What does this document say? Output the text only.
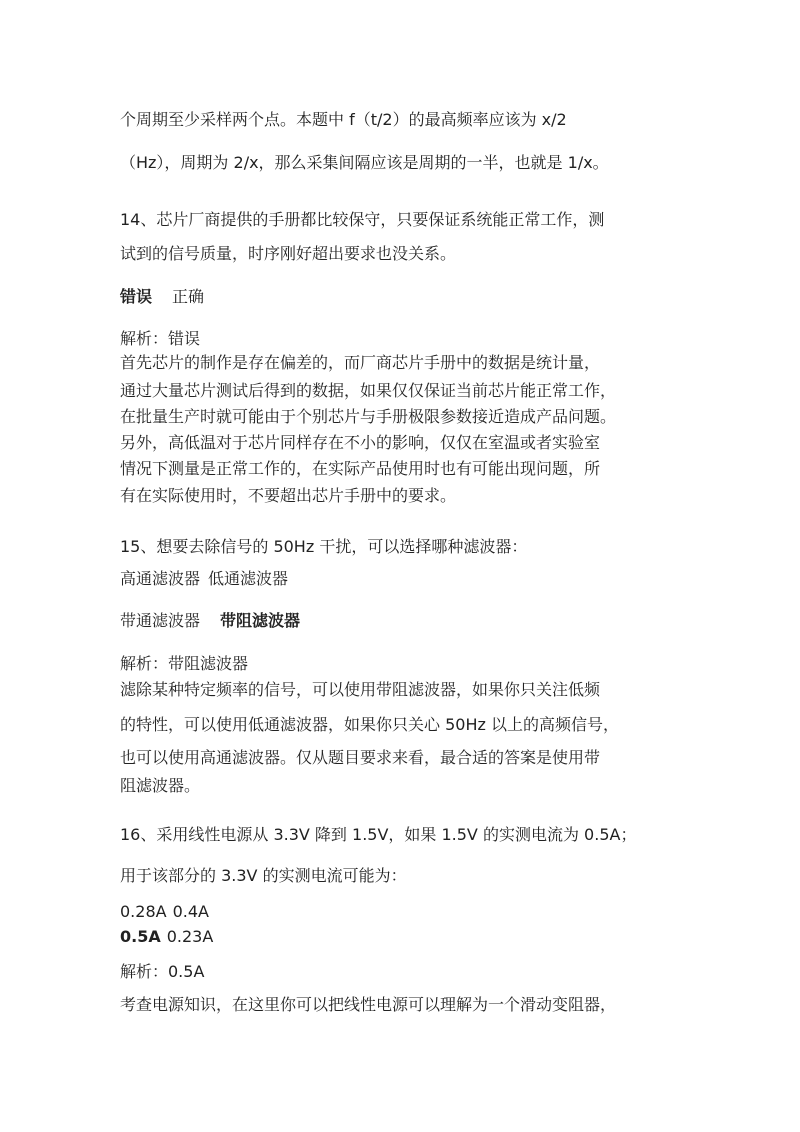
个周期至少采样两个点。本题中 f（t/2）的最高频率应该为 x/2
（Hz），周期为 2/x，那么采集间隔应该是周期的一半，也就是 1/x。
14、芯片厂商提供的手册都比较保守，只要保证系统能正常工作，测
试到的信号质量，时序刚好超出要求也没关系。
错误 正确
解析：错误
首先芯片的制作是存在偏差的，而厂商芯片手册中的数据是统计量，
通过大量芯片测试后得到的数据，如果仅仅保证当前芯片能正常工作，
在批量生产时就可能由于个别芯片与手册极限参数接近造成产品问题。
另外，高低温对于芯片同样存在不小的影响，仅仅在室温或者实验室
情况下测量是正常工作的，在实际产品使用时也有可能出现问题，所
有在实际使用时，不要超出芯片手册中的要求。
15、想要去除信号的 50Hz 干扰，可以选择哪种滤波器：
高通滤波器 低通滤波器
带通滤波器 带阻滤波器
解析：带阻滤波器
滤除某种特定频率的信号，可以使用带阻滤波器，如果你只关注低频
的特性，可以使用低通滤波器，如果你只关心 50Hz 以上的高频信号，
也可以使用高通滤波器。仅从题目要求来看，最合适的答案是使用带
阻滤波器。
16、采用线性电源从 3.3V 降到 1.5V，如果 1.5V 的实测电流为 0.5A；
用于该部分的 3.3V 的实测电流可能为：
0.28A 0.4A
0.5A 0.23A
解析：0.5A
考查电源知识，在这里你可以把线性电源可以理解为一个滑动变阻器，
